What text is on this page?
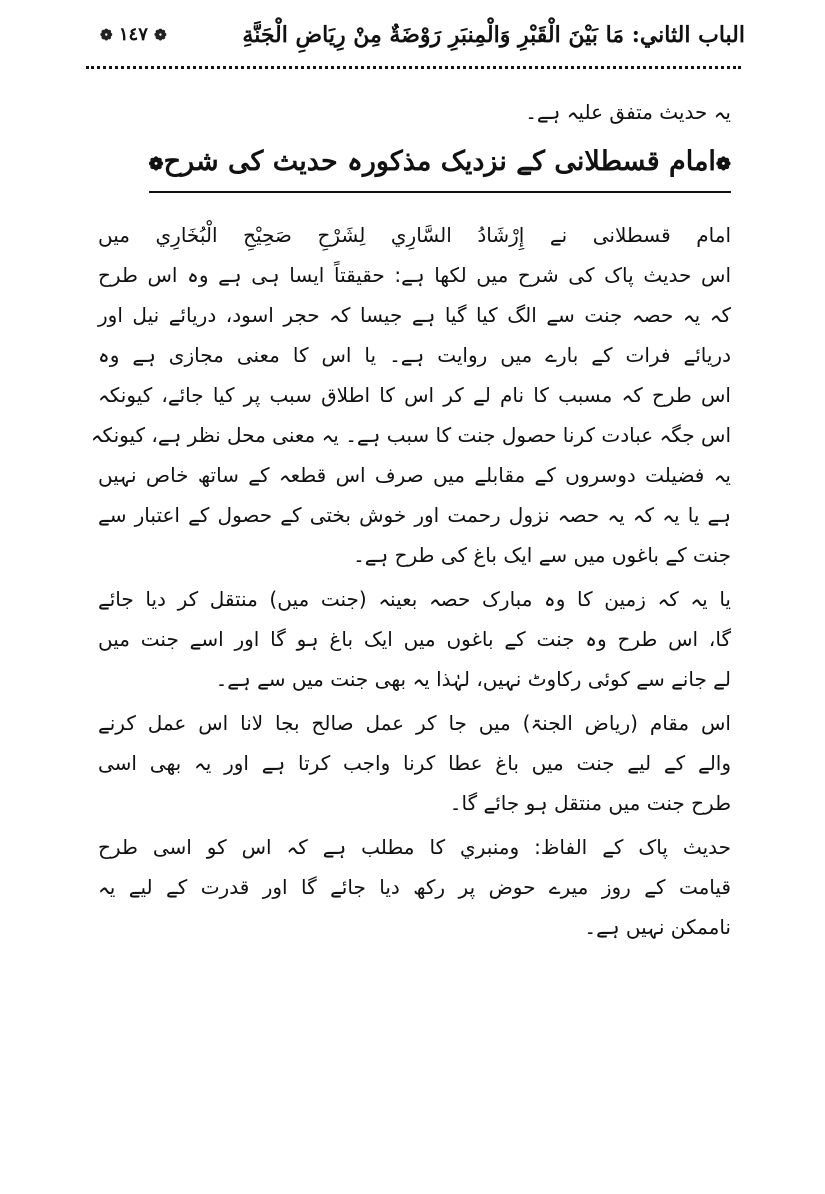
الباب الثاني: مَا بَيْنَ الْقَبْرِ وَالْمِنبَرِ رَوْضَةٌ مِنْ رِيَاضِ الْجَنَّةِ
❁ ١٤٧ ❁
یہ حدیث متفق علیہ ہے۔
❁امام قسطلانی کے نزدیک مذکورہ حدیث کی شرح❁
امام قسطلانی نے إِرْشَادُ السَّارِي لِشَرْحِ صَحِيْحِ الْبُخَارِي میں
اس حدیث پاک کی شرح میں لکھا ہے: حقیقتاً ایسا ہی ہے وہ اس طرح
کہ یہ حصہ جنت سے الگ کیا گیا ہے جیسا کہ حجر اسود، دریائے نیل اور
دریائے فرات کے بارے میں روایت ہے۔ یا اس کا معنی مجازی ہے وہ
اس طرح کہ مسبب کا نام لے کر اس کا اطلاق سبب پر کیا جائے، کیونکہ
اس جگہ عبادت کرنا حصول جنت کا سبب ہے۔ یہ معنی محل نظر ہے، کیونکہ
یہ فضیلت دوسروں کے مقابلے میں صرف اس قطعہ کے ساتھ خاص نہیں
ہے یا یہ کہ یہ حصہ نزول رحمت اور خوش بختی کے حصول کے اعتبار سے
جنت کے باغوں میں سے ایک باغ کی طرح ہے۔
یا یہ کہ زمین کا وہ مبارک حصہ بعینہ (جنت میں) منتقل کر دیا جائے
گا، اس طرح وہ جنت کے باغوں میں ایک باغ ہو گا اور اسے جنت میں
لے جانے سے کوئی رکاوٹ نہیں، لہٰذا یہ بھی جنت میں سے ہے۔
اس مقام (ریاض الجنۃ) میں جا کر عمل صالح بجا لانا اس عمل کرنے
والے کے لیے جنت میں باغ عطا کرنا واجب کرتا ہے اور یہ بھی اسی
طرح جنت میں منتقل ہو جائے گا۔
حدیث پاک کے الفاظ: ومنبري کا مطلب ہے کہ اس کو اسی طرح
قیامت کے روز میرے حوض پر رکھ دیا جائے گا اور قدرت کے لیے یہ
ناممکن نہیں ہے۔
